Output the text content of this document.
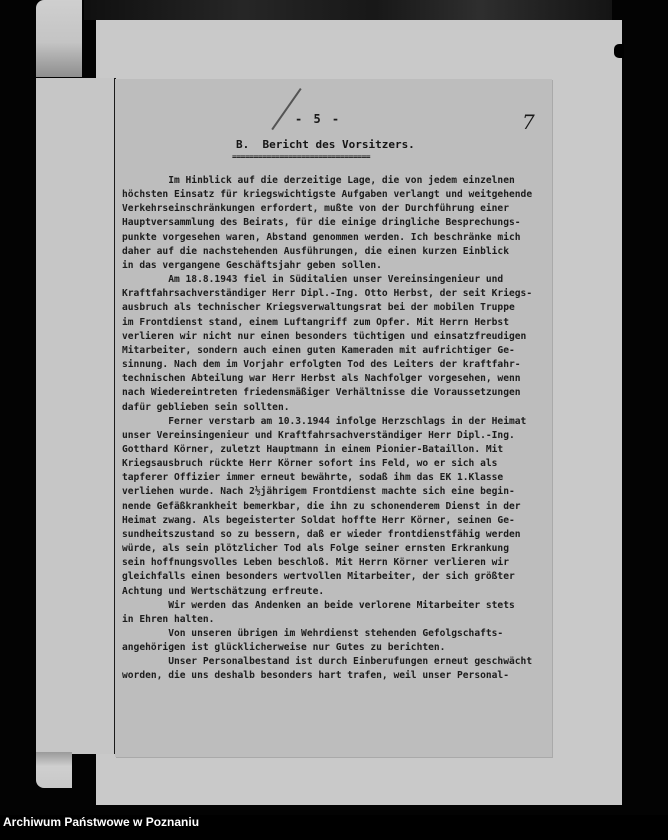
- 5 -	7
B.  Bericht des Vorsitzers.
================================
Im Hinblick auf die derzeitige Lage, die von jedem einzelnen
höchsten Einsatz für kriegswichtigste Aufgaben verlangt und weitgehende
Verkehrseinschränkungen erfordert, mußte von der Durchführung einer
Hauptversammlung des Beirats, für die einige dringliche Besprechungs-
punkte vorgesehen waren, Abstand genommen werden. Ich beschränke mich
daher auf die nachstehenden Ausführungen, die einen kurzen Einblick
in das vergangene Geschäftsjahr geben sollen.
Am 18.8.1943 fiel in Süditalien unser Vereinsingenieur und
Kraftfahrsachverständiger Herr Dipl.-Ing. Otto Herbst, der seit Kriegs-
ausbruch als technischer Kriegsverwaltungsrat bei der mobilen Truppe
im Frontdienst stand, einem Luftangriff zum Opfer. Mit Herrn Herbst
verlieren wir nicht nur einen besonders tüchtigen und einsatzfreudigen
Mitarbeiter, sondern auch einen guten Kameraden mit aufrichtiger Ge-
sinnung. Nach dem im Vorjahr erfolgten Tod des Leiters der kraftfahr-
technischen Abteilung war Herr Herbst als Nachfolger vorgesehen, wenn
nach Wiedereintreten friedensmäßiger Verhältnisse die Voraussetzungen
dafür geblieben sein sollten.
Ferner verstarb am 10.3.1944 infolge Herzschlags in der Heimat
unser Vereinsingenieur und Kraftfahrsachverständiger Herr Dipl.-Ing.
Gotthard Körner, zuletzt Hauptmann in einem Pionier-Bataillon. Mit
Kriegsausbruch rückte Herr Körner sofort ins Feld, wo er sich als
tapferer Offizier immer erneut bewährte, sodaß ihm das EK 1.Klasse
verliehen wurde. Nach 2½jährigem Frontdienst machte sich eine begin-
nende Gefäßkrankheit bemerkbar, die ihn zu schonenderem Dienst in der
Heimat zwang. Als begeisterter Soldat hoffte Herr Körner, seinen Ge-
sundheitszustand so zu bessern, daß er wieder frontdienstfähig werden
würde, als sein plötzlicher Tod als Folge seiner ernsten Erkrankung
sein hoffnungsvolles Leben beschloß. Mit Herrn Körner verlieren wir
gleichfalls einen besonders wertvollen Mitarbeiter, der sich größter
Achtung und Wertschätzung erfreute.
Wir werden das Andenken an beide verlorene Mitarbeiter stets
in Ehren halten.
Von unseren übrigen im Wehrdienst stehenden Gefolgschafts-
angehörigen ist glücklicherweise nur Gutes zu berichten.
Unser Personalbestand ist durch Einberufungen erneut geschwächt
worden, die uns deshalb besonders hart trafen, weil unser Personal-
Archiwum Państwowe w Poznaniu
